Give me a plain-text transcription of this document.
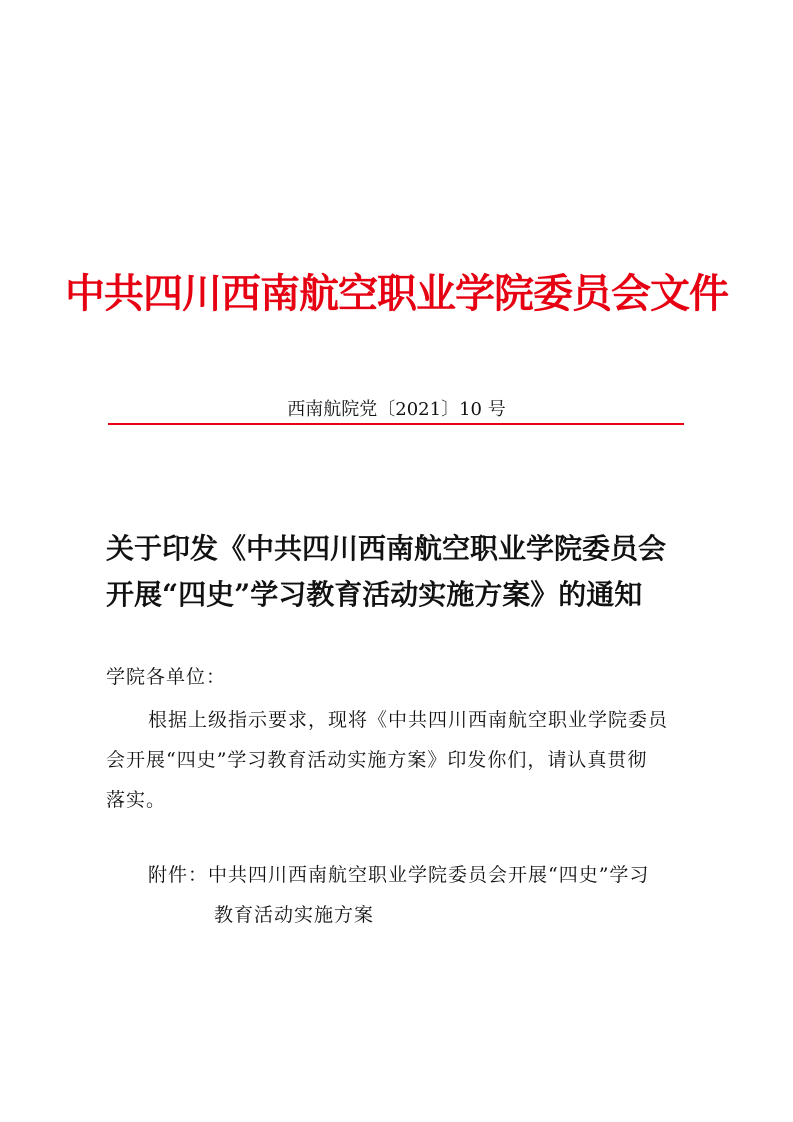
中共四川西南航空职业学院委员会文件
西南航院党〔2021〕10 号
关于印发《中共四川西南航空职业学院委员会
开展“四史”学习教育活动实施方案》的通知
学院各单位：
根据上级指示要求，现将《中共四川西南航空职业学院委员
会开展“四史”学习教育活动实施方案》印发你们，请认真贯彻
落实。
附件：中共四川西南航空职业学院委员会开展“四史”学习
教育活动实施方案
